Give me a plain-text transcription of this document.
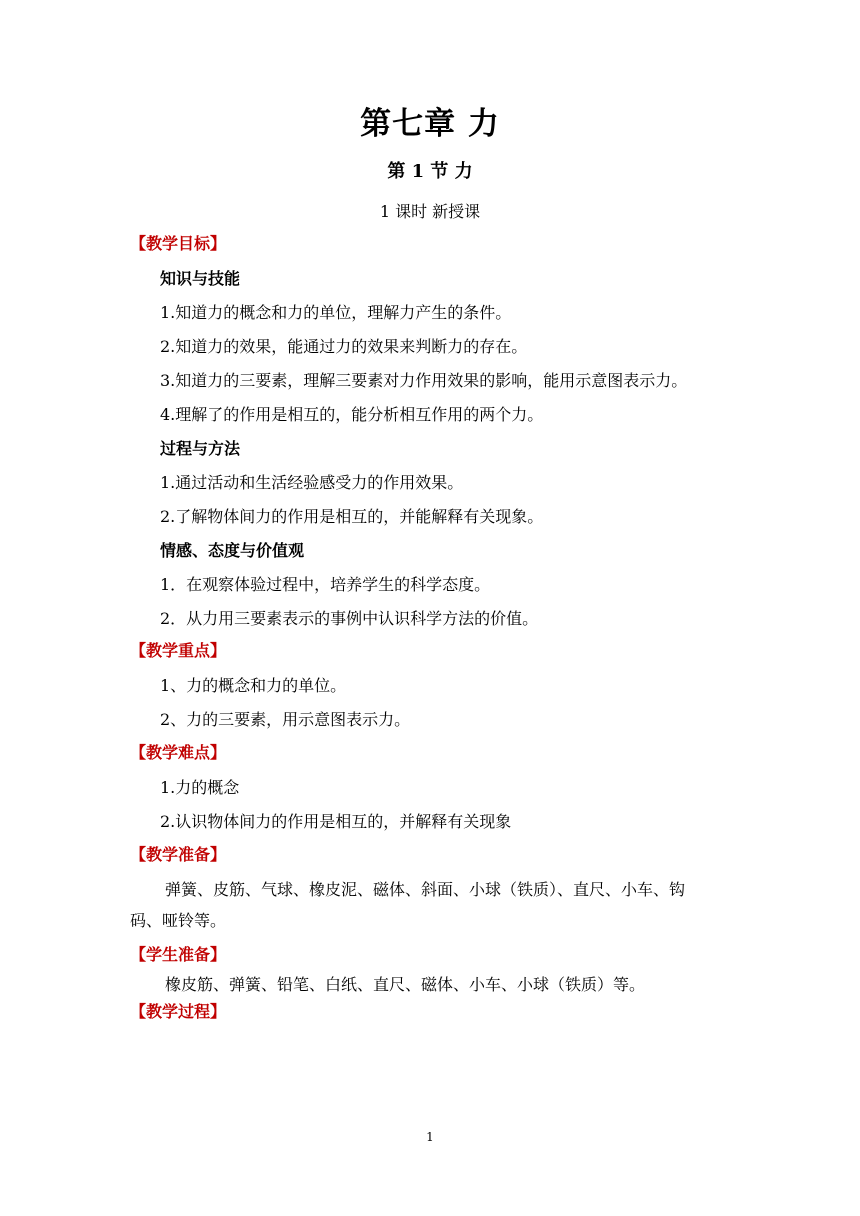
第七章 力
第 1 节 力
1 课时 新授课
【教学目标】
知识与技能
1.知道力的概念和力的单位，理解力产生的条件。
2.知道力的效果，能通过力的效果来判断力的存在。
3.知道力的三要素，理解三要素对力作用效果的影响，能用示意图表示力。
4.理解了的作用是相互的，能分析相互作用的两个力。
过程与方法
1.通过活动和生活经验感受力的作用效果。
2.了解物体间力的作用是相互的，并能解释有关现象。
情感、态度与价值观
1．在观察体验过程中，培养学生的科学态度。
2．从力用三要素表示的事例中认识科学方法的价值。
【教学重点】
1、力的概念和力的单位。
2、力的三要素，用示意图表示力。
【教学难点】
1.力的概念
2.认识物体间力的作用是相互的，并解释有关现象
【教学准备】
弹簧、皮筋、气球、橡皮泥、磁体、斜面、小球（铁质）、直尺、小车、钩
码、哑铃等。
【学生准备】
橡皮筋、弹簧、铅笔、白纸、直尺、磁体、小车、小球（铁质）等。
【教学过程】
1
